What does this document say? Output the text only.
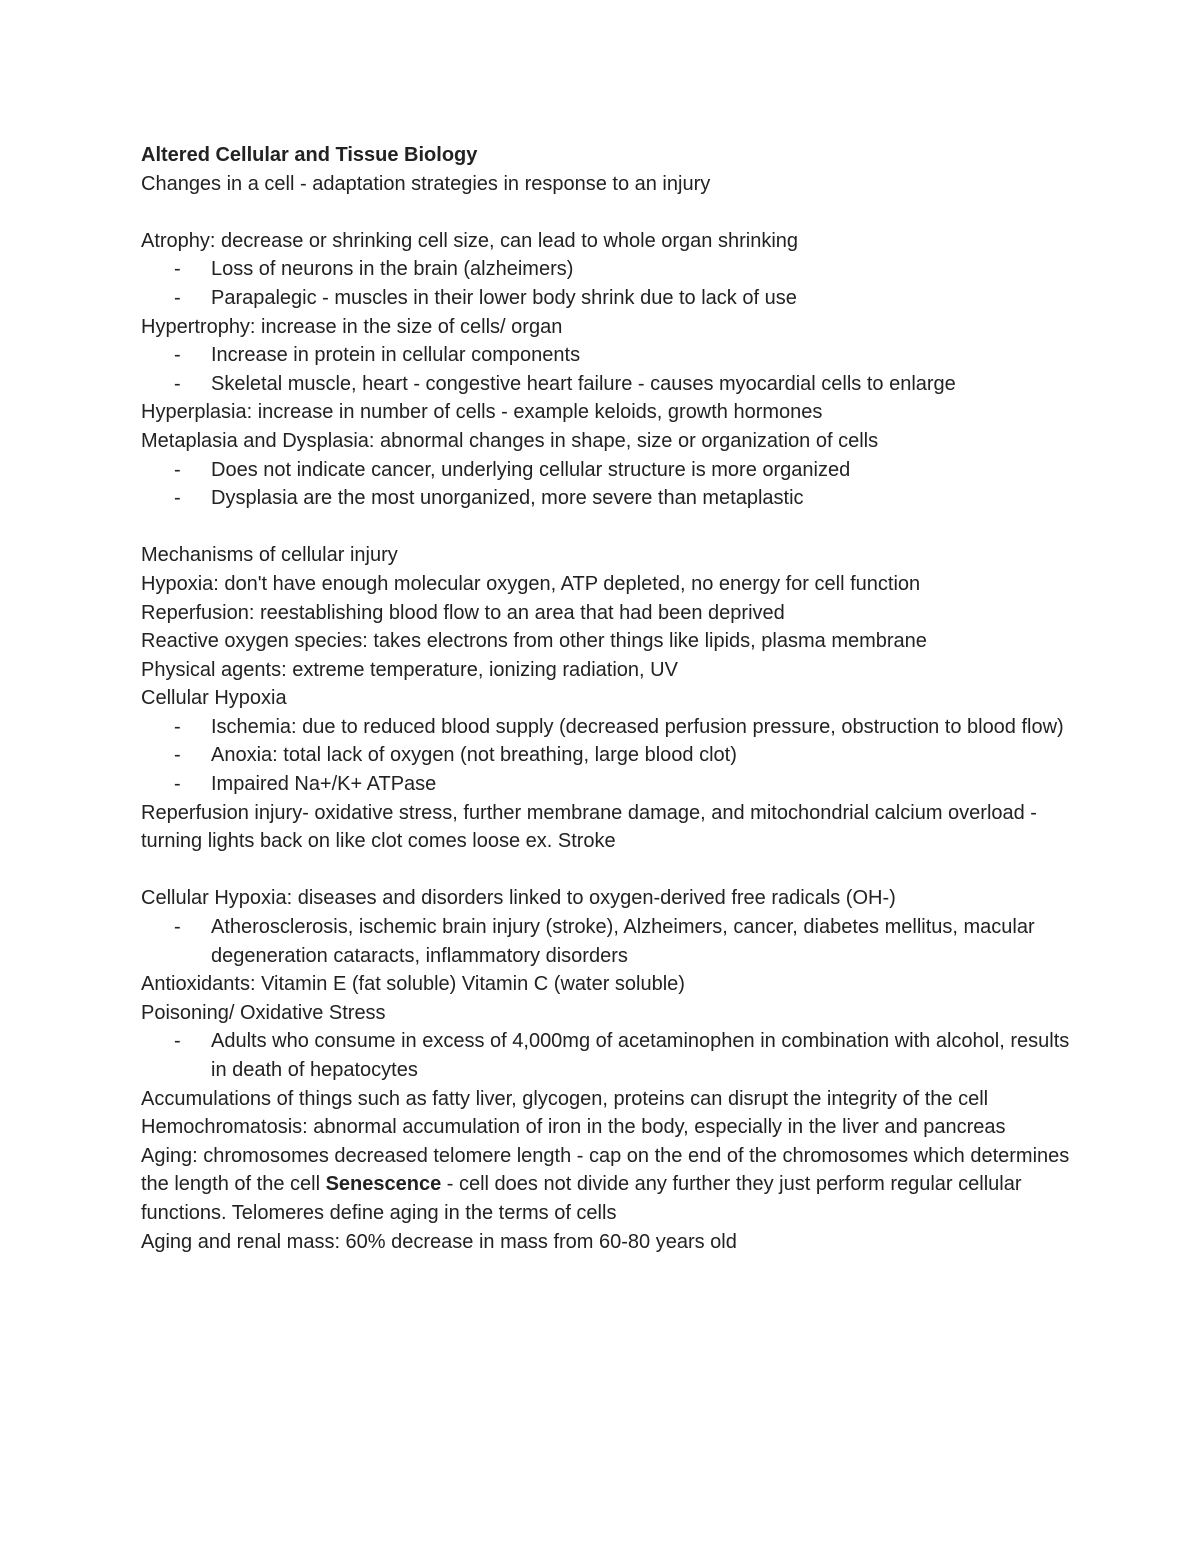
Altered Cellular and Tissue Biology

Changes in a cell - adaptation strategies in response to an injury

Atrophy: decrease or shrinking cell size, can lead to whole organ shrinking

- Loss of neurons in the brain (alzheimers)

- Parapalegic - muscles in their lower body shrink due to lack of use

Hypertrophy: increase in the size of cells/ organ

- Increase in protein in cellular components

- Skeletal muscle, heart - congestive heart failure - causes myocardial cells to enlarge

Hyperplasia: increase in number of cells - example keloids, growth hormones

Metaplasia and Dysplasia: abnormal changes in shape, size or organization of cells

- Does not indicate cancer, underlying cellular structure is more organized

- Dysplasia are the most unorganized, more severe than metaplastic

Mechanisms of cellular injury

Hypoxia: don't have enough molecular oxygen, ATP depleted, no energy for cell function

Reperfusion: reestablishing blood flow to an area that had been deprived

Reactive oxygen species: takes electrons from other things like lipids, plasma membrane

Physical agents: extreme temperature, ionizing radiation, UV

Cellular Hypoxia

- Ischemia: due to reduced blood supply (decreased perfusion pressure, obstruction to blood flow)

- Anoxia: total lack of oxygen (not breathing, large blood clot)

- Impaired Na+/K+ ATPase

Reperfusion injury- oxidative stress, further membrane damage, and mitochondrial calcium overload - turning lights back on like clot comes loose ex. Stroke

Cellular Hypoxia: diseases and disorders linked to oxygen-derived free radicals (OH-)

- Atherosclerosis, ischemic brain injury (stroke), Alzheimers, cancer, diabetes mellitus, macular degeneration cataracts, inflammatory disorders

Antioxidants: Vitamin E (fat soluble) Vitamin C (water soluble)

Poisoning/ Oxidative Stress

- Adults who consume in excess of 4,000mg of acetaminophen in combination with alcohol, results in death of hepatocytes

Accumulations of things such as fatty liver, glycogen, proteins can disrupt the integrity of the cell

Hemochromatosis: abnormal accumulation of iron in the body, especially in the liver and pancreas

Aging: chromosomes decreased telomere length - cap on the end of the chromosomes which determines the length of the cell Senescence - cell does not divide any further they just perform regular cellular functions. Telomeres define aging in the terms of cells

Aging and renal mass: 60% decrease in mass from 60-80 years old
